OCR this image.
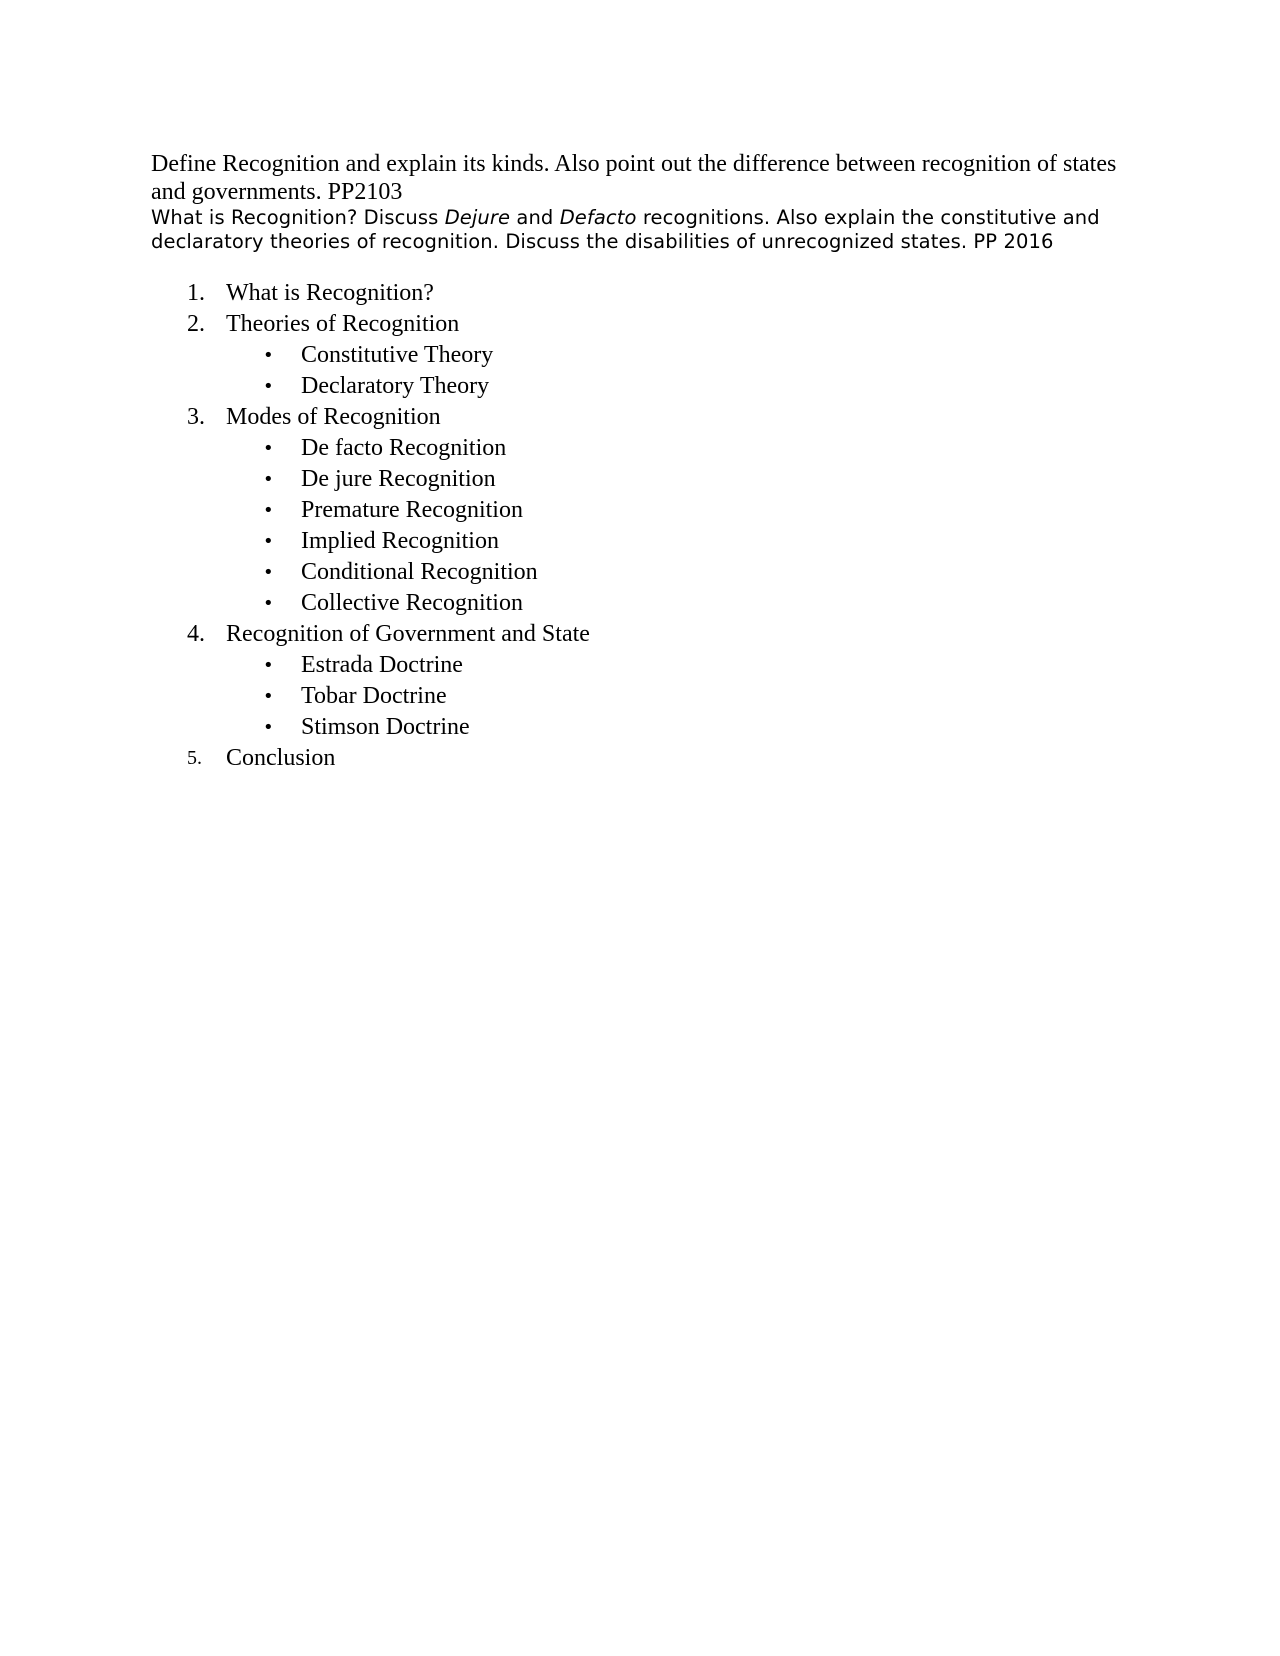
Define Recognition and explain its kinds. Also point out the difference between recognition of states and governments. PP2103

What is Recognition? Discuss Dejure and Defacto recognitions. Also explain the constitutive and declaratory theories of recognition. Discuss the disabilities of unrecognized states. PP 2016

1. What is Recognition?
2. Theories of Recognition
• Constitutive Theory
• Declaratory Theory
3. Modes of Recognition
• De facto Recognition
• De jure Recognition
• Premature Recognition
• Implied Recognition
• Conditional Recognition
• Collective Recognition
4. Recognition of Government and State
• Estrada Doctrine
• Tobar Doctrine
• Stimson Doctrine
5. Conclusion
